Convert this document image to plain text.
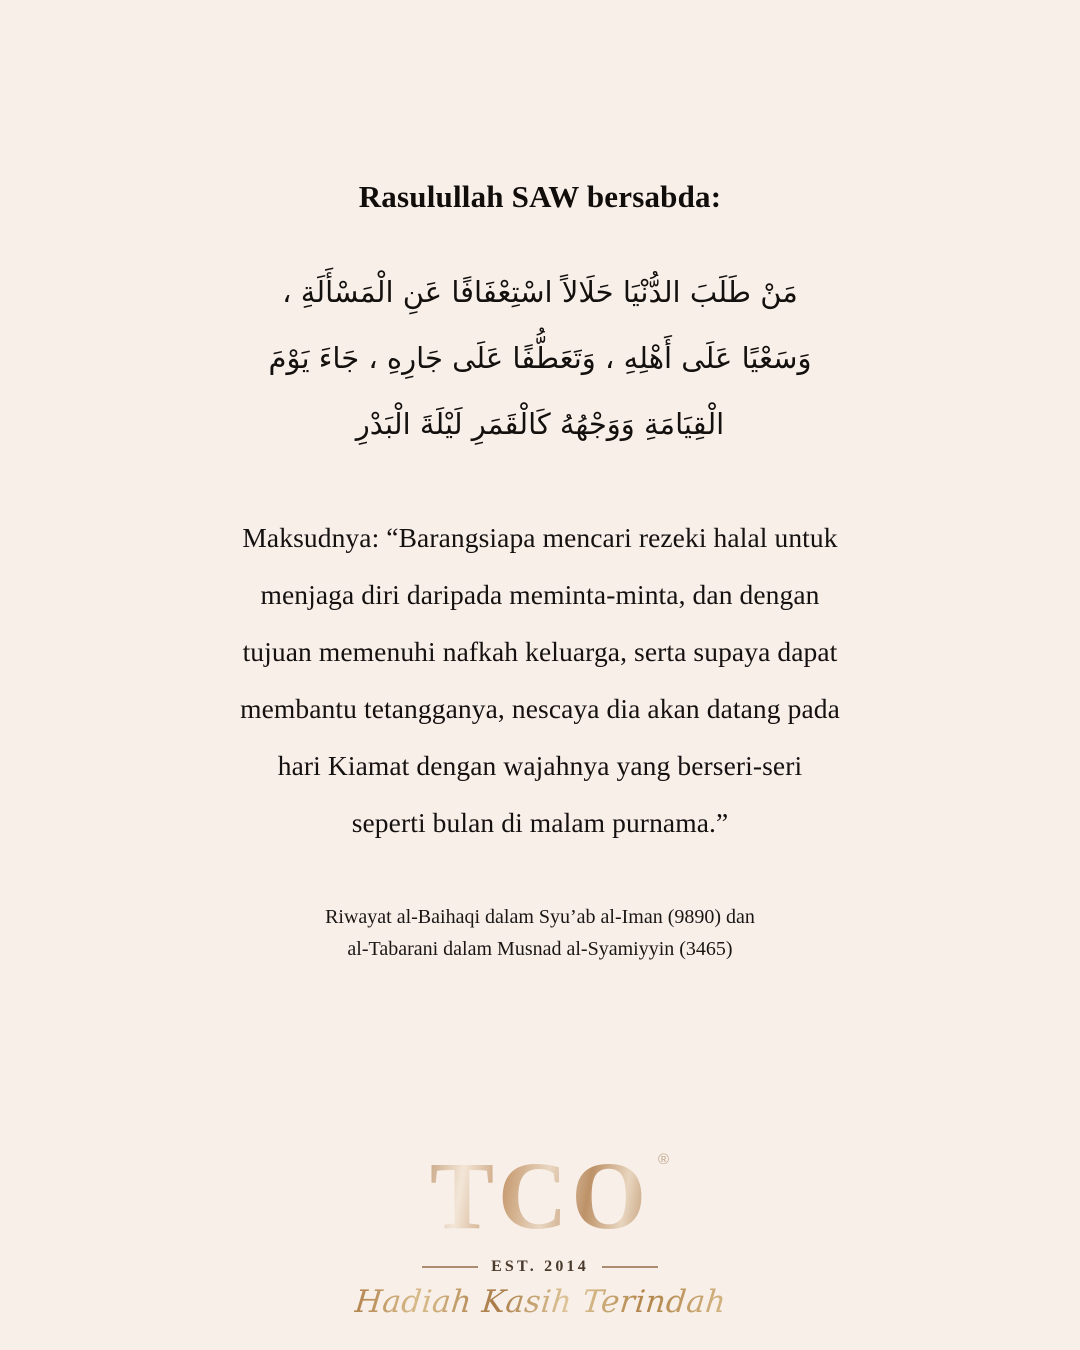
Rasulullah SAW bersabda:
مَنْ طَلَبَ الدُّنْيَا حَلَالاً اسْتِعْفَافًا عَنِ الْمَسْأَلَةِ ،
وَسَعْيًا عَلَى أَهْلِهِ ، وَتَعَطُّفًا عَلَى جَارِهِ ، جَاءَ يَوْمَ
الْقِيَامَةِ وَوَجْهُهُ كَالْقَمَرِ لَيْلَةَ الْبَدْرِ
Maksudnya: “Barangsiapa mencari rezeki halal untuk menjaga diri daripada meminta-minta, dan dengan tujuan memenuhi nafkah keluarga, serta supaya dapat membantu tetangganya, nescaya dia akan datang pada hari Kiamat dengan wajahnya yang berseri-seri seperti bulan di malam purnama.”
Riwayat al-Baihaqi dalam Syu’ab al-Iman (9890) dan
al-Tabarani dalam Musnad al-Syamiyyin (3465)
TCO ®
EST. 2014
Hadiah Kasih Terindah
